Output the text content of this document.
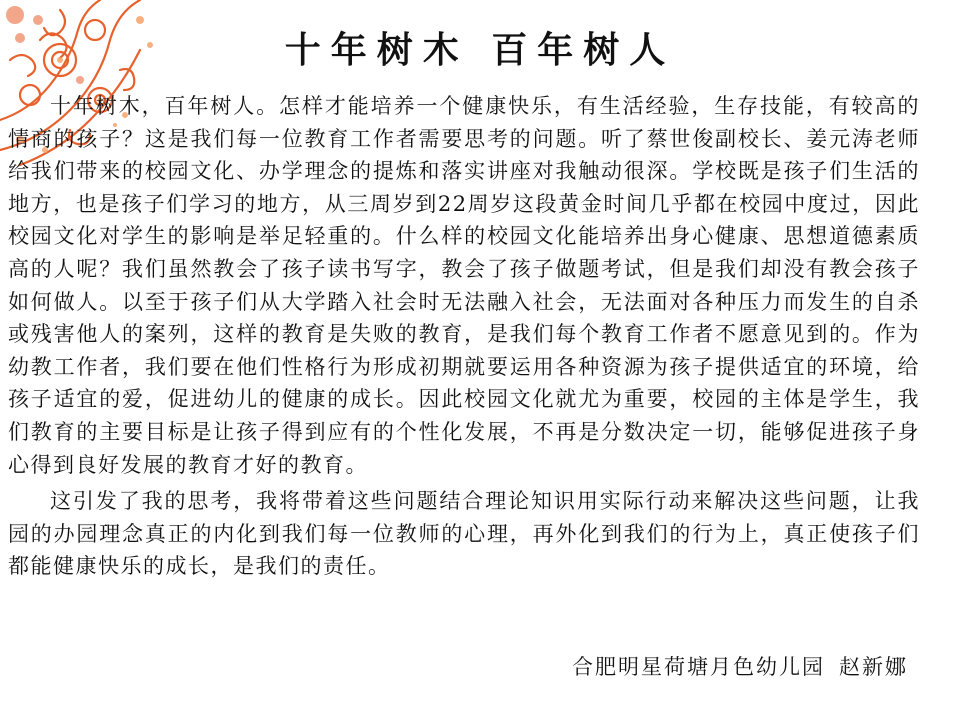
十年树木 百年树人

十年树木，百年树人。怎样才能培养一个健康快乐，有生活经验，生存技能，有较高的情商的孩子？这是我们每一位教育工作者需要思考的问题。听了蔡世俊副校长、姜元涛老师给我们带来的校园文化、办学理念的提炼和落实讲座对我触动很深。学校既是孩子们生活的地方，也是孩子们学习的地方，从三周岁到22周岁这段黄金时间几乎都在校园中度过，因此校园文化对学生的影响是举足轻重的。什么样的校园文化能培养出身心健康、思想道德素质高的人呢？我们虽然教会了孩子读书写字，教会了孩子做题考试，但是我们却没有教会孩子如何做人。以至于孩子们从大学踏入社会时无法融入社会，无法面对各种压力而发生的自杀或残害他人的案列，这样的教育是失败的教育，是我们每个教育工作者不愿意见到的。作为幼教工作者，我们要在他们性格行为形成初期就要运用各种资源为孩子提供适宜的环境，给孩子适宜的爱，促进幼儿的健康的成长。因此校园文化就尤为重要，校园的主体是学生，我们教育的主要目标是让孩子得到应有的个性化发展，不再是分数决定一切，能够促进孩子身心得到良好发展的教育才好的教育。

这引发了我的思考，我将带着这些问题结合理论知识用实际行动来解决这些问题，让我园的办园理念真正的内化到我们每一位教师的心理，再外化到我们的行为上，真正使孩子们都能健康快乐的成长，是我们的责任。

合肥明星荷塘月色幼儿园 赵新娜
